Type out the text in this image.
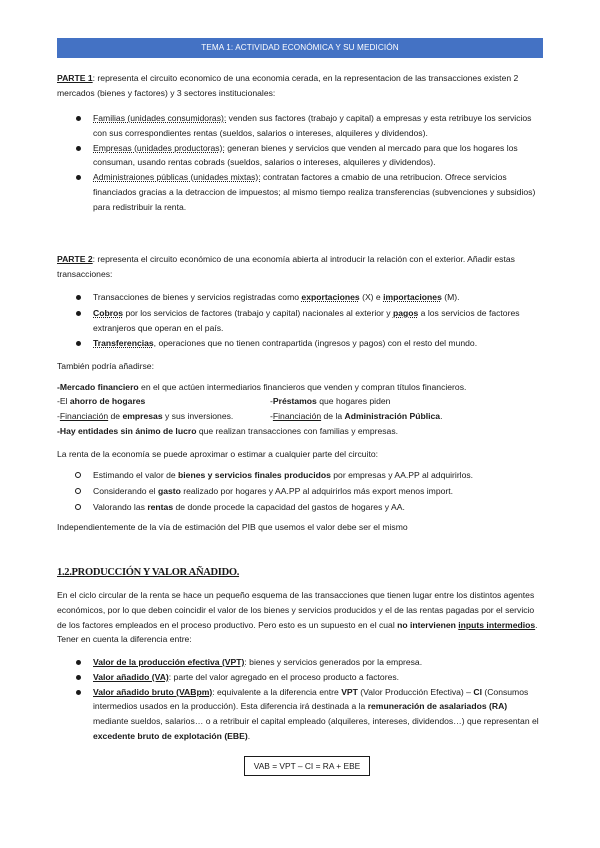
TEMA 1: ACTIVIDAD ECONÓMICA Y SU MEDICIÓN

PARTE 1: representa el circuito economico de una economia cerada, en la representacion de las transacciones existen 2 mercados (bienes y factores) y 3 sectores institucionales:

Familias (unidades consumidoras): venden sus factores (trabajo y capital) a empresas y esta retribuye los servicios con sus correspondientes rentas (sueldos, salarios o intereses, alquileres y dividendos).
Empresas (unidades productoras): generan bienes y servicios que venden al mercado para que los hogares los consuman, usando rentas cobrads (sueldos, salarios o intereses, alquileres y dividendos).
Administraiones públicas (unidades mixtas): contratan factores a cmabio de una retribucion. Ofrece servicios financiados gracias a la detraccion de impuestos; al mismo tiempo realiza transferencias (subvenciones y subsidios) para redistribuir la renta.

PARTE 2: representa el circuito económico de una economía abierta al introducir la relación con el exterior. Añadir estas transacciones:

Transacciones de bienes y servicios registradas como exportaciones (X) e importaciones (M).
Cobros por los servicios de factores (trabajo y capital) nacionales al exterior y pagos a los servicios de factores extranjeros que operan en el país.
Transferencias, operaciones que no tienen contrapartida (ingresos y pagos) con el resto del mundo.

También podría añadirse:

-Mercado financiero en el que actúen intermediarios financieros que venden y compran títulos financieros.

-El ahorro de hogares	-Préstamos que hogares piden
-Financiación de empresas y sus inversiones.	-Financiación de la Administración Pública.

-Hay entidades sin ánimo de lucro que realizan transacciones con familias y empresas.

La renta de la economía se puede aproximar o estimar a cualquier parte del circuito:

Estimando el valor de bienes y servicios finales producidos por empresas y AA.PP al adquirirlos.
Considerando el gasto realizado por hogares y AA.PP al adquirirlos más export menos import.
Valorando las rentas de donde procede la capacidad del gastos de hogares y AA.

Independientemente de la vía de estimación del PIB que usemos el valor debe ser el mismo

1.2.PRODUCCIÓN Y VALOR AÑADIDO.

En el ciclo circular de la renta se hace un pequeño esquema de las transacciones que tienen lugar entre los distintos agentes económicos, por lo que deben coincidir el valor de los bienes y servicios producidos y el de las rentas pagadas por el servicio de los factores empleados en el proceso productivo. Pero esto es un supuesto en el cual no intervienen inputs intermedios. Tener en cuenta la diferencia entre:

Valor de la producción efectiva (VPT): bienes y servicios generados por la empresa.
Valor añadido (VA): parte del valor agregado en el proceso producto a factores.
Valor añadido bruto (VABpm): equivalente a la diferencia entre VPT (Valor Producción Efectiva) – CI (Consumos intermedios usados en la producción). Esta diferencia irá destinada a la remuneración de asalariados (RA) mediante sueldos, salarios… o a retribuir el capital empleado (alquileres, intereses, dividendos…) que representan el excedente bruto de explotación (EBE).
VAB = VPT – CI = RA + EBE
